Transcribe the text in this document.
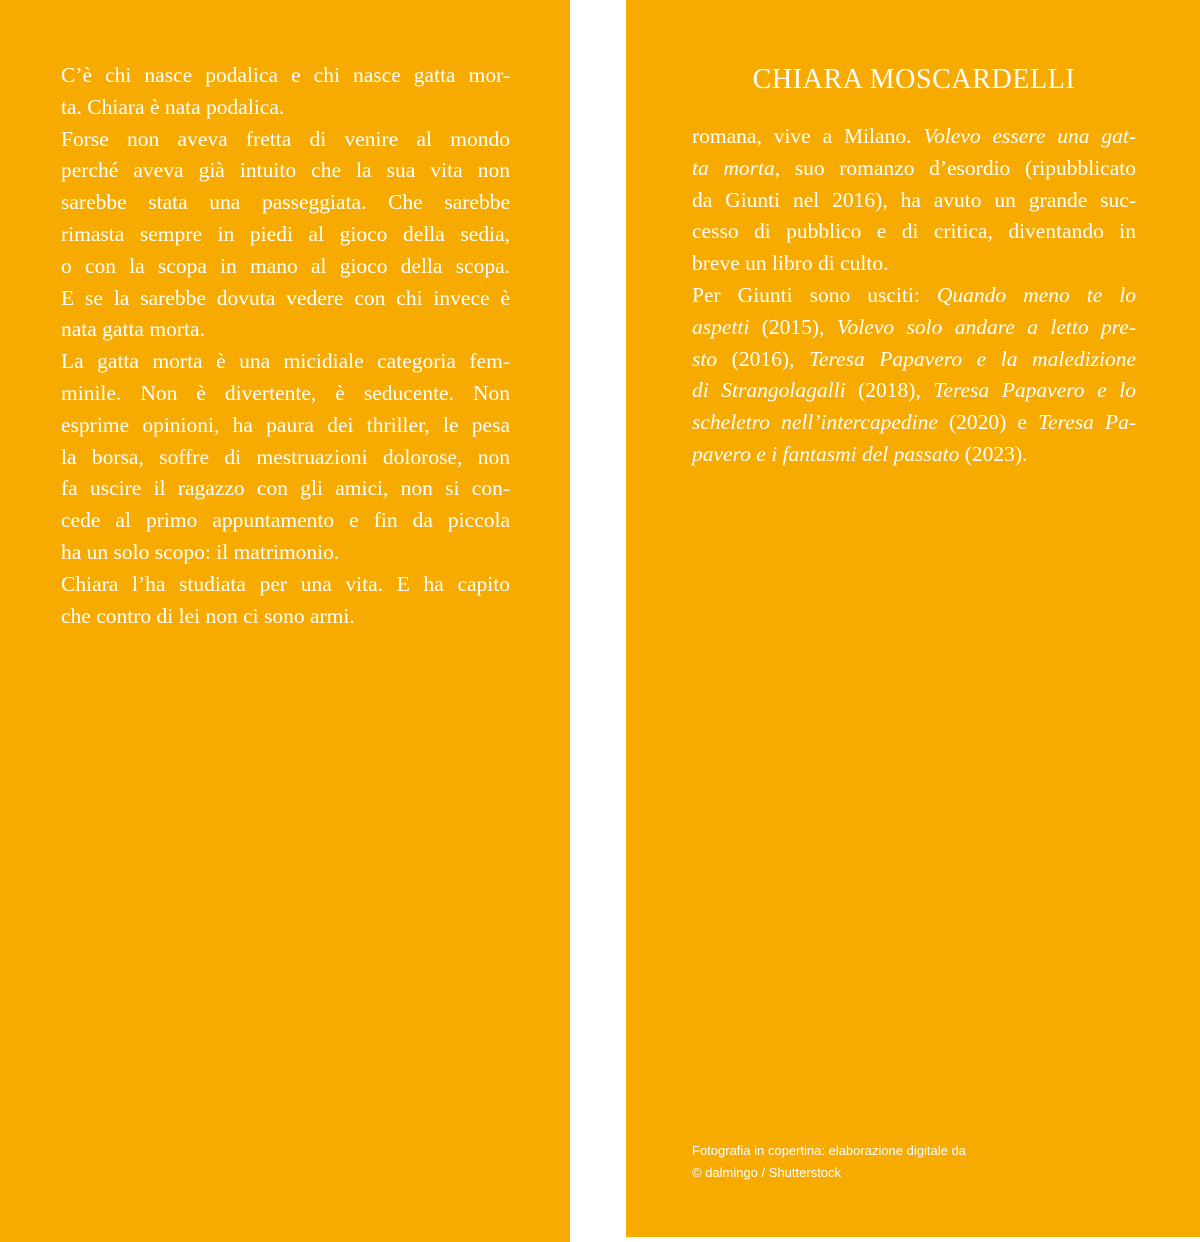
C’è chi nasce podalica e chi nasce gatta mor-
ta. Chiara è nata podalica.
Forse non aveva fretta di venire al mondo
perché aveva già intuito che la sua vita non
sarebbe stata una passeggiata. Che sarebbe
rimasta sempre in piedi al gioco della sedia,
o con la scopa in mano al gioco della scopa.
E se la sarebbe dovuta vedere con chi invece è
nata gatta morta.
La gatta morta è una micidiale categoria fem-
minile. Non è divertente, è seducente. Non
esprime opinioni, ha paura dei thriller, le pesa
la borsa, soffre di mestruazioni dolorose, non
fa uscire il ragazzo con gli amici, non si con-
cede al primo appuntamento e fin da piccola
ha un solo scopo: il matrimonio.
Chiara l’ha studiata per una vita. E ha capito
che contro di lei non ci sono armi.
CHIARA MOSCARDELLI
romana, vive a Milano. Volevo essere una gat-
ta morta, suo romanzo d’esordio (ripubblicato
da Giunti nel 2016), ha avuto un grande suc-
cesso di pubblico e di critica, diventando in
breve un libro di culto.
Per Giunti sono usciti: Quando meno te lo
aspetti (2015), Volevo solo andare a letto pre-
sto (2016), Teresa Papavero e la maledizione
di Strangolagalli (2018), Teresa Papavero e lo
scheletro nell’intercapedine (2020) e Teresa Pa-
pavero e i fantasmi del passato (2023).
Fotografia in copertina: elaborazione digitale da
© dalmingo / Shutterstock
